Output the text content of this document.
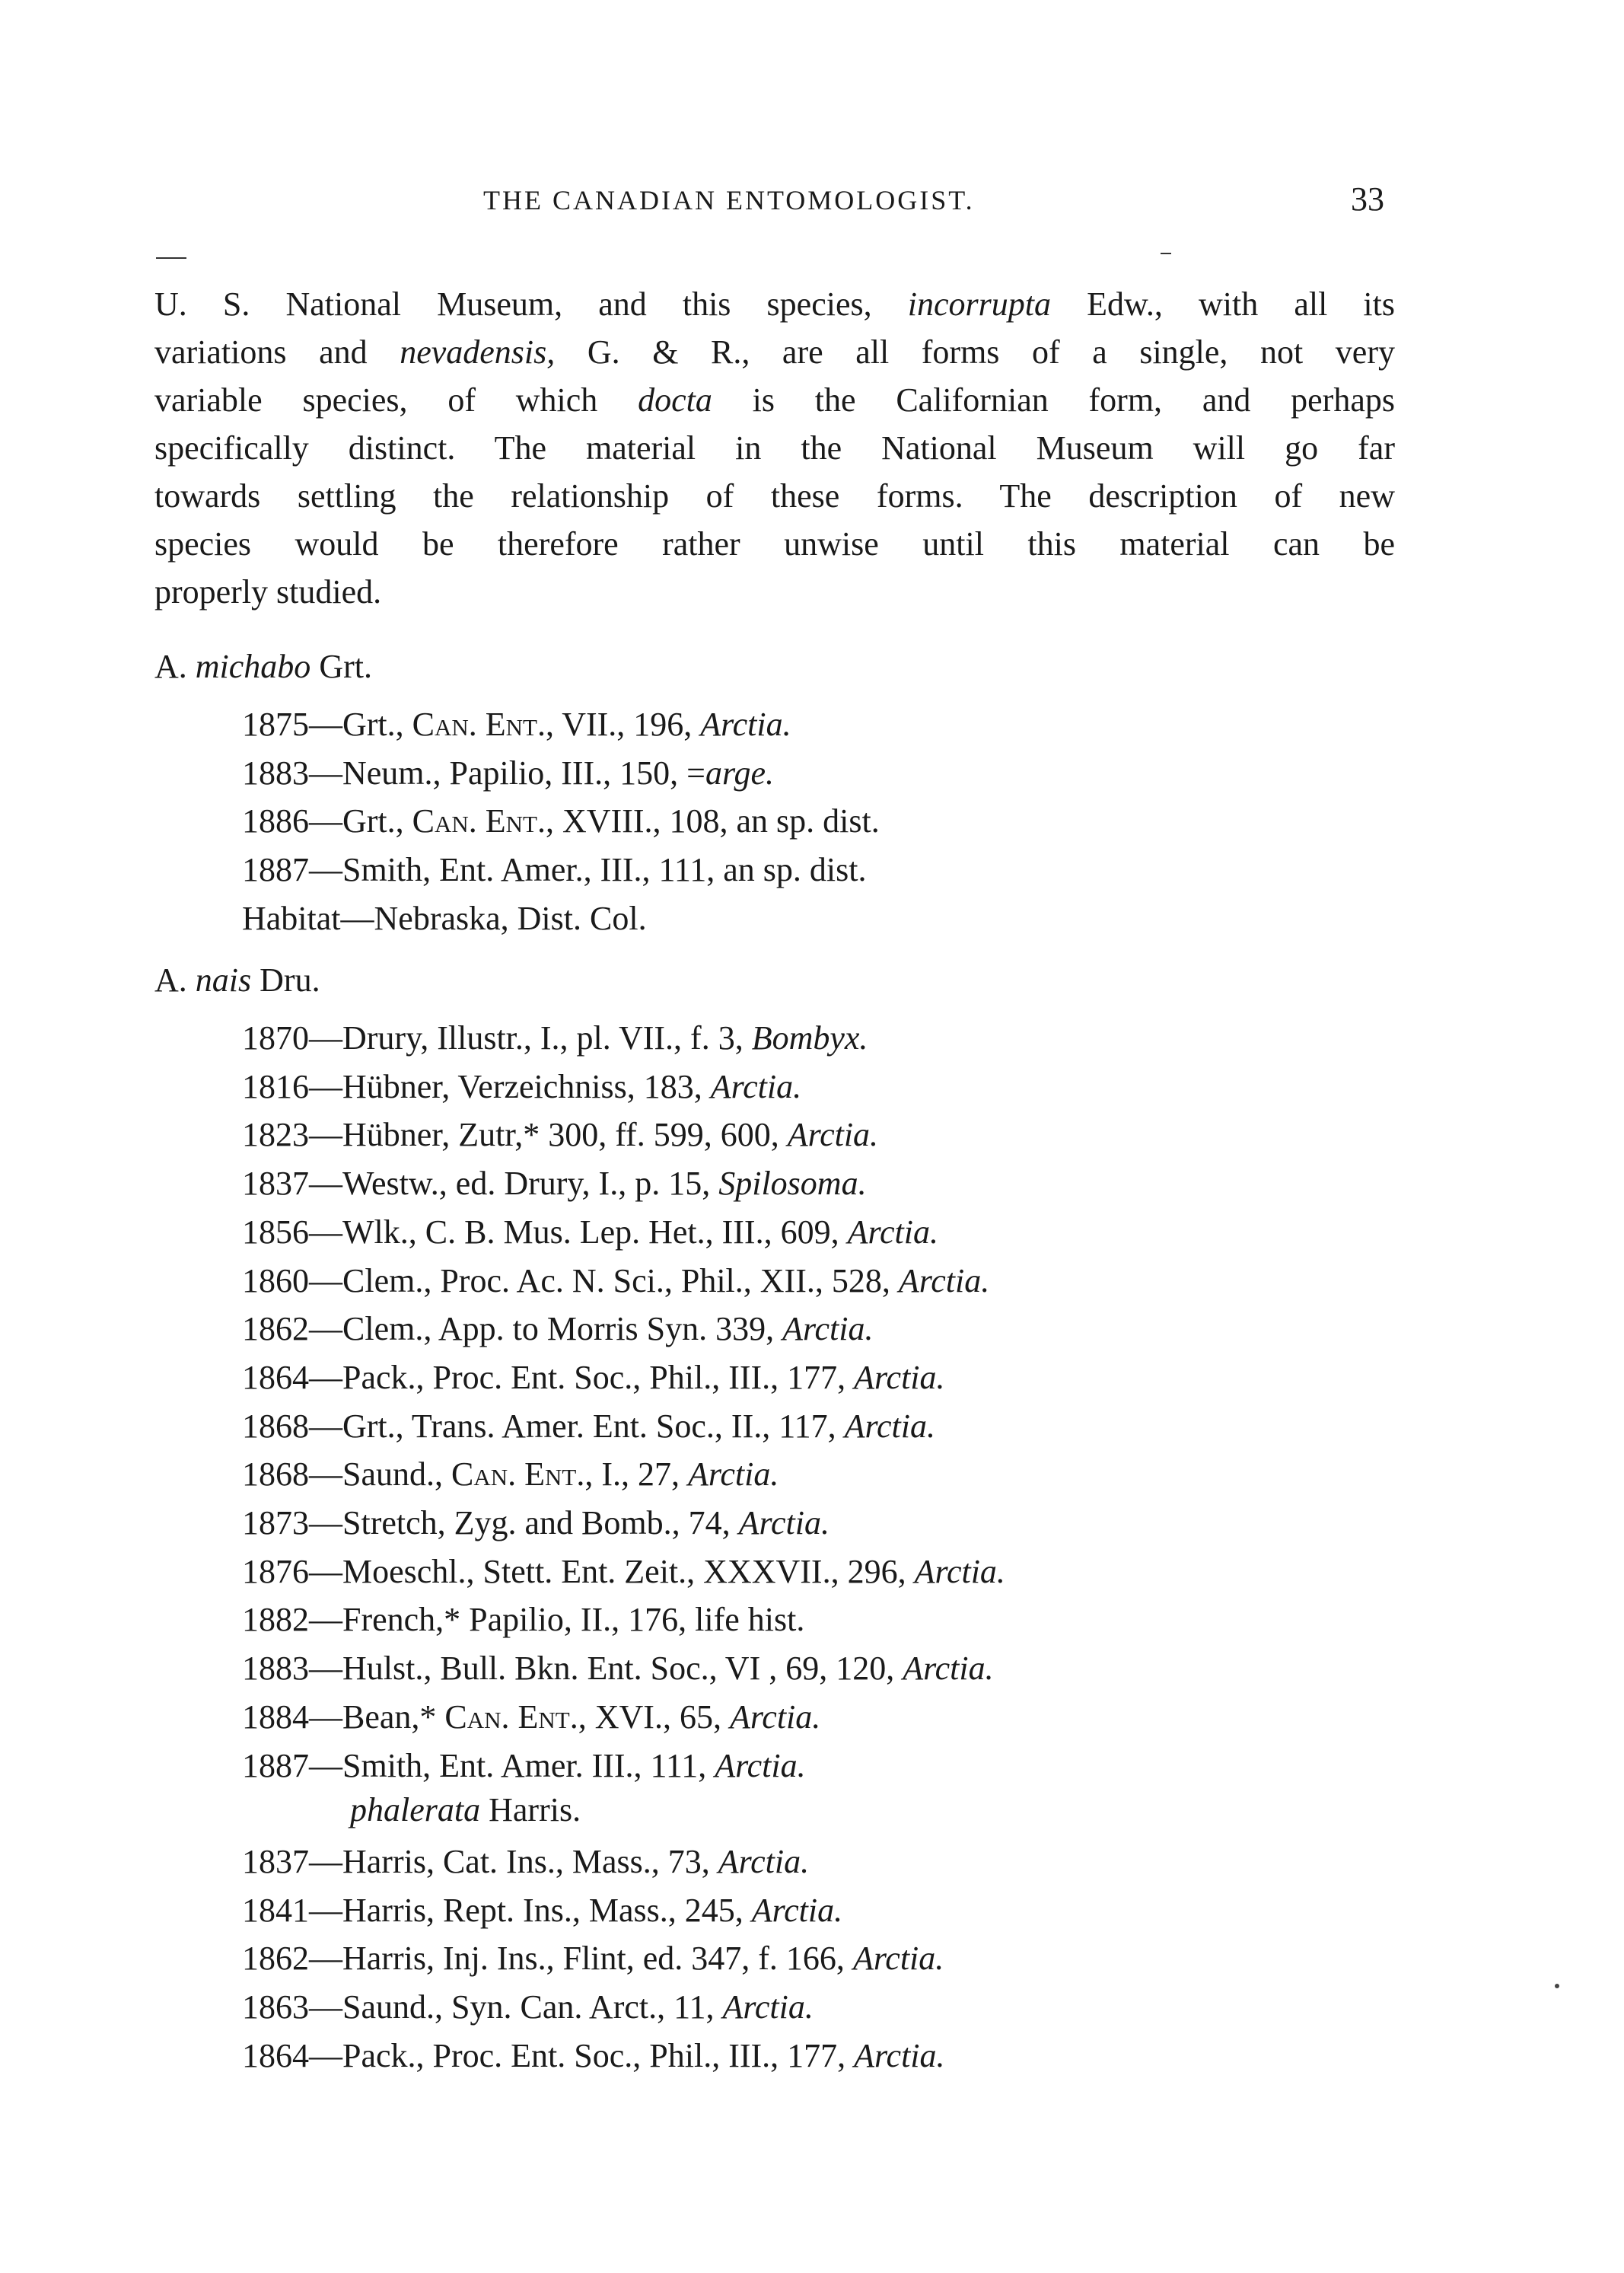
THE CANADIAN ENTOMOLOGIST.	33
U. S. National Museum, and this species, incorrupta Edw., with all its
variations and nevadensis, G. & R., are all forms of a single, not very
variable species, of which docta is the Californian form, and perhaps
specifically distinct. The material in the National Museum will go far
towards settling the relationship of these forms. The description of new
species would be therefore rather unwise until this material can be
properly studied.
A. michabo Grt.
1875—Grt., Can. Ent., VII., 196, Arctia.
1883—Neum., Papilio, III., 150, =arge.
1886—Grt., Can. Ent., XVIII., 108, an sp. dist.
1887—Smith, Ent. Amer., III., 111, an sp. dist.
Habitat—Nebraska, Dist. Col.
A. nais Dru.
1870—Drury, Illustr., I., pl. VII., f. 3, Bombyx.
1816—Hübner, Verzeichniss, 183, Arctia.
1823—Hübner, Zutr,* 300, ff. 599, 600, Arctia.
1837—Westw., ed. Drury, I., p. 15, Spilosoma.
1856—Wlk., C. B. Mus. Lep. Het., III., 609, Arctia.
1860—Clem., Proc. Ac. N. Sci., Phil., XII., 528, Arctia.
1862—Clem., App. to Morris Syn. 339, Arctia.
1864—Pack., Proc. Ent. Soc., Phil., III., 177, Arctia.
1868—Grt., Trans. Amer. Ent. Soc., II., 117, Arctia.
1868—Saund., Can. Ent., I., 27, Arctia.
1873—Stretch, Zyg. and Bomb., 74, Arctia.
1876—Moeschl., Stett. Ent. Zeit., XXXVII., 296, Arctia.
1882—French,* Papilio, II., 176, life hist.
1883—Hulst., Bull. Bkn. Ent. Soc., VI , 69, 120, Arctia.
1884—Bean,* Can. Ent., XVI., 65, Arctia.
1887—Smith, Ent. Amer. III., 111, Arctia.
phalerata Harris.
1837—Harris, Cat. Ins., Mass., 73, Arctia.
1841—Harris, Rept. Ins., Mass., 245, Arctia.
1862—Harris, Inj. Ins., Flint, ed. 347, f. 166, Arctia.
1863—Saund., Syn. Can. Arct., 11, Arctia.
1864—Pack., Proc. Ent. Soc., Phil., III., 177, Arctia.
